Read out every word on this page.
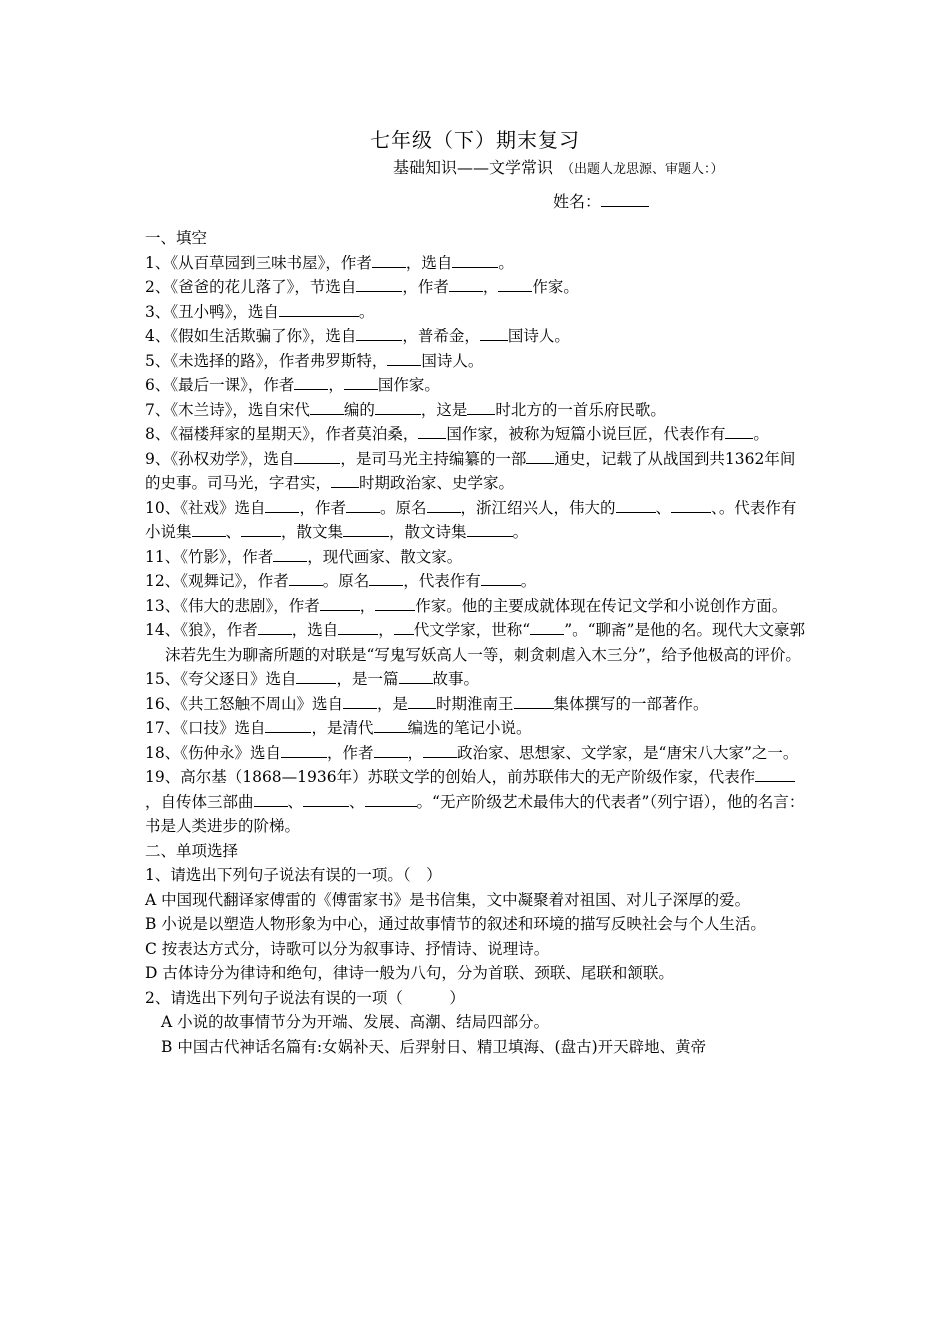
七年级（下）期末复习
基础知识——文学常识 （出题人龙思源、审题人：）
姓名：

一、填空

1、《从百草园到三味书屋》，作者 ，选自	。

2、《爸爸的花儿落了》，节选自	，作者 ， 作家。

3、《丑小鸭》，选自	。

4、《假如生活欺骗了你》，选自	，普希金， 国诗人。

5、《未选择的路》，作者弗罗斯特， 国诗人。

6、《最后一课》，作者 ， 国作家。

7、《木兰诗》，选自宋代 编的	，这是 时北方的一首乐府民歌。

8、《福楼拜家的星期天》，作者莫泊桑， 国作家，被称为短篇小说巨匠，代表作有 。

9、《孙权劝学》，选自	，是司马光主持编纂的一部 通史，记载了从战国到共1362年间的史事。司马光，字君实， 时期政治家、史学家。

10、《社戏》选自 ，作者 。原名 ，浙江绍兴人，伟大的	、	、。代表作有小说集 、	，散文集	，散文诗集	。

11、《竹影》，作者 ，现代画家、散文家。

12、《观舞记》，作者 。原名 ，代表作有	。

13、《伟大的悲剧》，作者	，	作家。他的主要成就体现在传记文学和小说创作方面。

14、《狼》，作者 ，选自	， 代文学家，世称“ ”。“聊斋”是他的名。现代大文豪郭沫若先生为聊斋所题的对联是“写鬼写妖高人一等，刺贪刺虐入木三分”，给予他极高的评价。

15、《夸父逐日》选自	，是一篇 故事。

16、《共工怒触不周山》选自 ，是 时期淮南王	集体撰写的一部著作。

17、《口技》选自	，是清代 编选的笔记小说。

18、《伤仲永》选自	，作者 ， 政治家、思想家、文学家，是“唐宋八大家”之一。

19、高尔基（1868—1936年）苏联文学的创始人，前苏联伟大的无产阶级作家，代表作，自传体三部曲 、	、	。“无产阶级艺术最伟大的代表者”（列宁语），他的名言：书是人类进步的阶梯。

二、单项选择

1、请选出下列句子说法有误的一项。（　）

A 中国现代翻译家傅雷的《傅雷家书》是书信集，文中凝聚着对祖国、对儿子深厚的爱。

B 小说是以塑造人物形象为中心，通过故事情节的叙述和环境的描写反映社会与个人生活。

C 按表达方式分，诗歌可以分为叙事诗、抒情诗、说理诗。

D 古体诗分为律诗和绝句，律诗一般为八句，分为首联、颈联、尾联和颔联。

2、请选出下列句子说法有误的一项（　　　）

A 小说的故事情节分为开端、发展、高潮、结局四部分。

B 中国古代神话名篇有:女娲补天、后羿射日、精卫填海、(盘古)开天辟地、黄帝
